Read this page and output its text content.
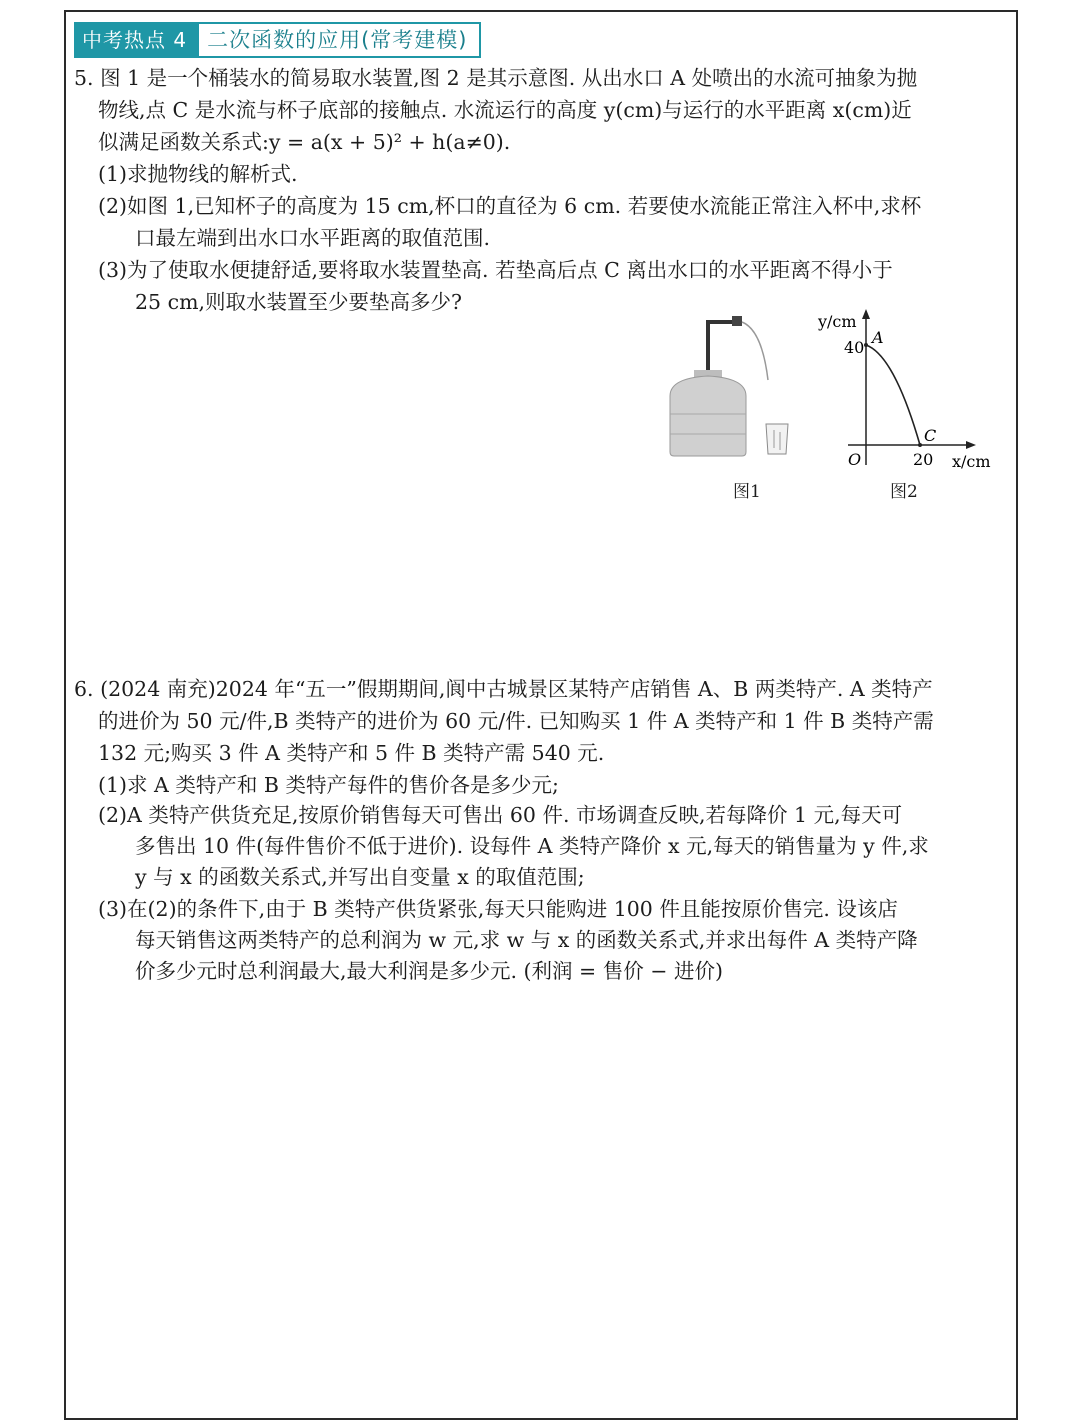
中考热点 4 二次函数的应用(常考建模)

5. 图 1 是一个桶装水的简易取水装置,图 2 是其示意图. 从出水口 A 处喷出的水流可抽象为抛

物线,点 C 是水流与杯子底部的接触点. 水流运行的高度 y(cm)与运行的水平距离 x(cm)近

似满足函数关系式:y = a(x + 5)² + h(a≠0).

(1)求抛物线的解析式.

(2)如图 1,已知杯子的高度为 15 cm,杯口的直径为 6 cm. 若要使水流能正常注入杯中,求杯

口最左端到出水口水平距离的取值范围.

(3)为了使取水便捷舒适,要将取水装置垫高. 若垫高后点 C 离出水口的水平距离不得小于

25 cm,则取水装置至少要垫高多少?

图1
y/cm
40
A
C
O	20 x/cm
图2

6. (2024 南充)2024 年“五一”假期期间,阆中古城景区某特产店销售 A、B 两类特产. A 类特产

的进价为 50 元/件,B 类特产的进价为 60 元/件. 已知购买 1 件 A 类特产和 1 件 B 类特产需

132 元;购买 3 件 A 类特产和 5 件 B 类特产需 540 元.

(1)求 A 类特产和 B 类特产每件的售价各是多少元;

(2)A 类特产供货充足,按原价销售每天可售出 60 件. 市场调查反映,若每降价 1 元,每天可

多售出 10 件(每件售价不低于进价). 设每件 A 类特产降价 x 元,每天的销售量为 y 件,求

y 与 x 的函数关系式,并写出自变量 x 的取值范围;

(3)在(2)的条件下,由于 B 类特产供货紧张,每天只能购进 100 件且能按原价售完. 设该店

每天销售这两类特产的总利润为 w 元,求 w 与 x 的函数关系式,并求出每件 A 类特产降

价多少元时总利润最大,最大利润是多少元. (利润 = 售价 − 进价)
